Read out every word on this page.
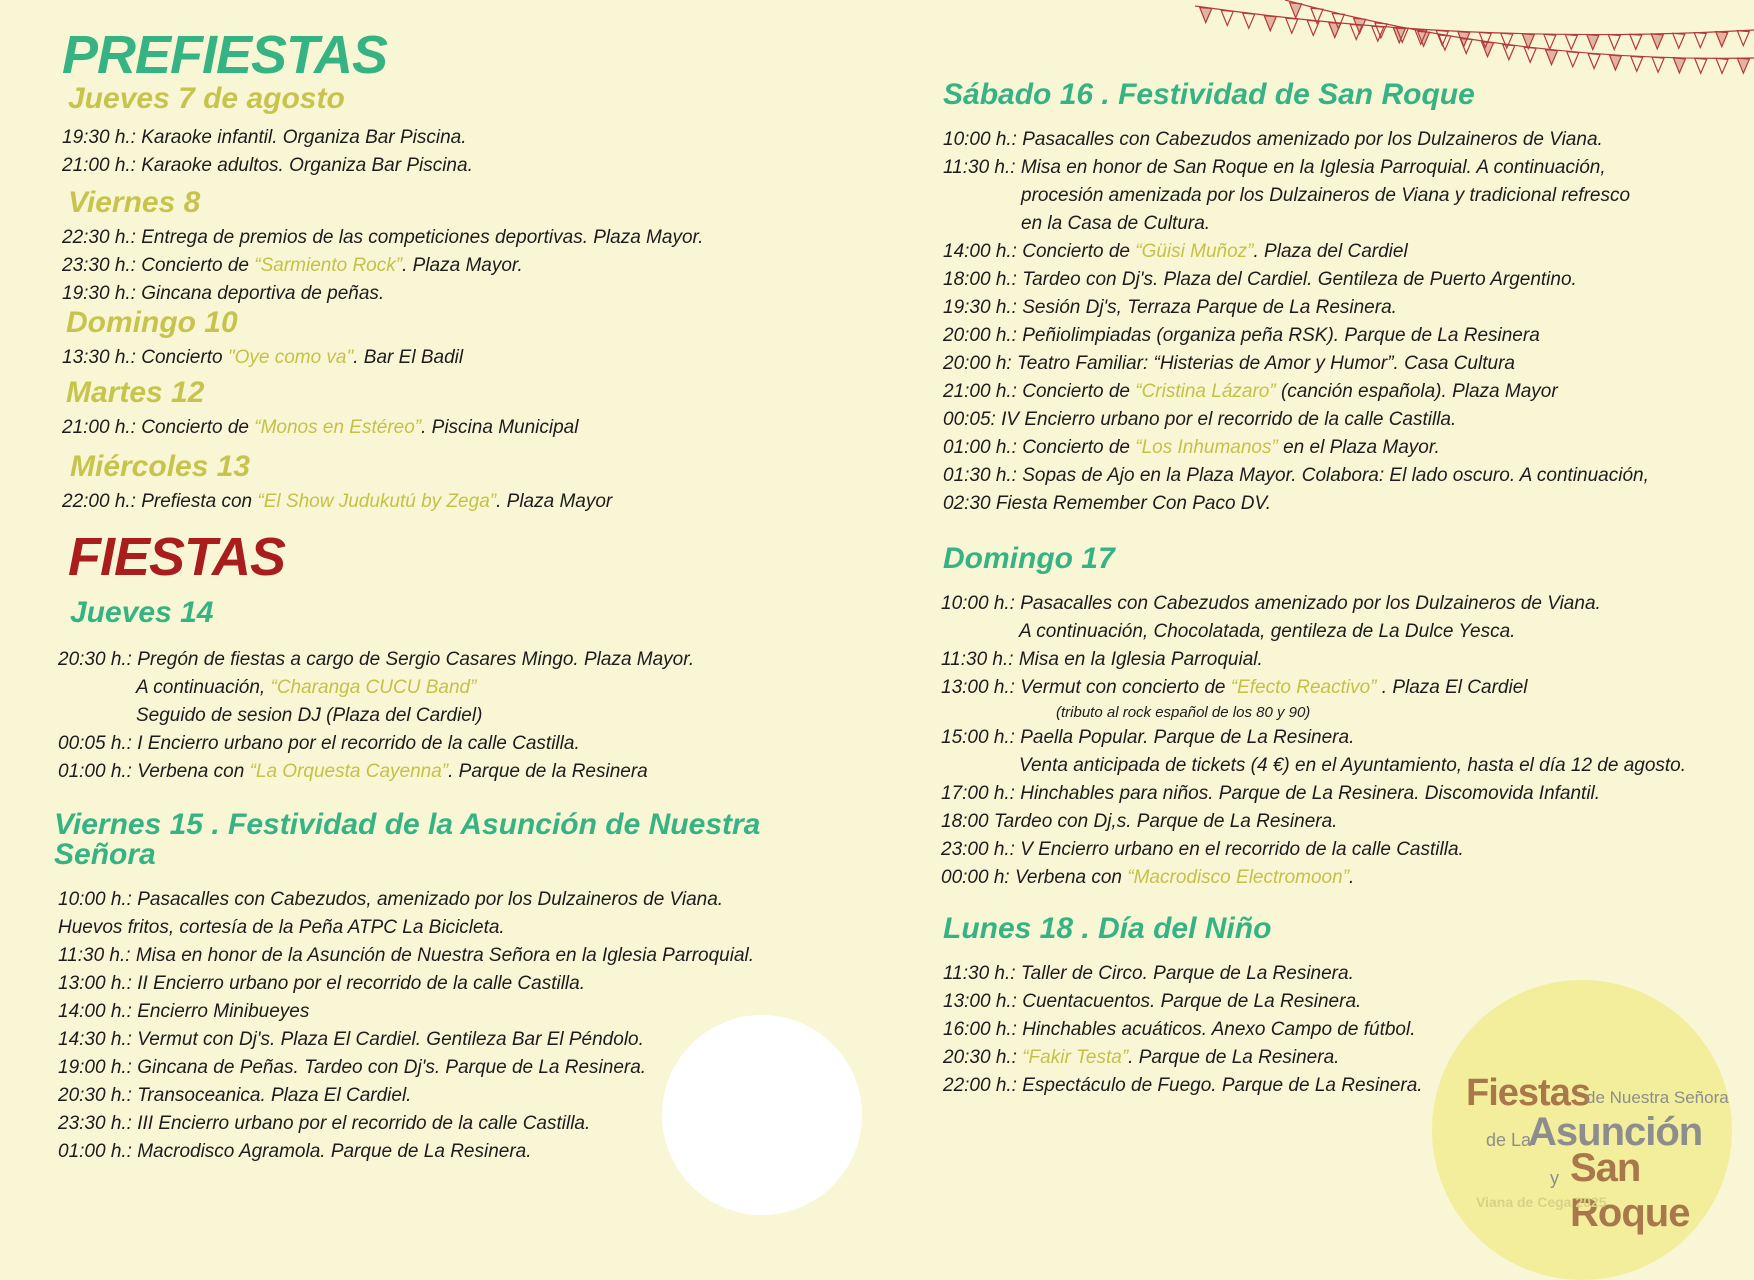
PREFIESTAS
Jueves 7 de agosto

19:30 h.: Karaoke infantil. Organiza Bar Piscina.

21:00 h.: Karaoke adultos. Organiza Bar Piscina.

Viernes 8

22:30 h.: Entrega de premios de las competiciones deportivas. Plaza Mayor.

23:30 h.: Concierto de “Sarmiento Rock”. Plaza Mayor.

19:30 h.: Gincana deportiva de peñas.

Domingo 10

13:30 h.: Concierto "Oye como va". Bar El Badil

Martes 12

21:00 h.: Concierto de “Monos en Estéreo”. Piscina Municipal

Miércoles 13

22:00 h.: Prefiesta con “El Show Judukutú by Zega”. Plaza Mayor

FIESTAS
Jueves 14

20:30 h.: Pregón de fiestas a cargo de Sergio Casares Mingo. Plaza Mayor.

A continuación, “Charanga CUCU Band”

Seguido de sesion DJ (Plaza del Cardiel)

00:05 h.: I Encierro urbano por el recorrido de la calle Castilla.

01:00 h.: Verbena con “La Orquesta Cayenna”. Parque de la Resinera

Viernes 15 . Festividad de la Asunción de Nuestra Señora

10:00 h.: Pasacalles con Cabezudos, amenizado por los Dulzaineros de Viana.

Huevos fritos, cortesía de la Peña ATPC La Bicicleta.

11:30 h.: Misa en honor de la Asunción de Nuestra Señora en la Iglesia Parroquial.

13:00 h.: II Encierro urbano por el recorrido de la calle Castilla.

14:00 h.: Encierro Minibueyes

14:30 h.: Vermut con Dj's. Plaza El Cardiel. Gentileza Bar El Péndolo.

19:00 h.: Gincana de Peñas. Tardeo con Dj's. Parque de La Resinera.

20:30 h.: Transoceanica. Plaza El Cardiel.

23:30 h.: III Encierro urbano por el recorrido de la calle Castilla.

01:00 h.: Macrodisco Agramola. Parque de La Resinera.

Sábado 16 . Festividad de San Roque

10:00 h.: Pasacalles con Cabezudos amenizado por los Dulzaineros de Viana.

11:30 h.: Misa en honor de San Roque en la Iglesia Parroquial. A continuación,

procesión amenizada por los Dulzaineros de Viana y tradicional refresco

en la Casa de Cultura.

14:00 h.: Concierto de “Güisi Muñoz”. Plaza del Cardiel

18:00 h.: Tardeo con Dj's. Plaza del Cardiel. Gentileza de Puerto Argentino.

19:30 h.: Sesión Dj's, Terraza Parque de La Resinera.

20:00 h.: Peñiolimpiadas (organiza peña RSK). Parque de La Resinera

20:00 h: Teatro Familiar: “Histerias de Amor y Humor”. Casa Cultura

21:00 h.: Concierto de “Cristina Lázaro” (canción española). Plaza Mayor

00:05: IV Encierro urbano por el recorrido de la calle Castilla.

01:00 h.: Concierto de “Los Inhumanos” en el Plaza Mayor.

01:30 h.: Sopas de Ajo en la Plaza Mayor. Colabora: El lado oscuro. A continuación,

02:30 Fiesta Remember Con Paco DV.

Domingo 17

10:00 h.: Pasacalles con Cabezudos amenizado por los Dulzaineros de Viana.

A continuación, Chocolatada, gentileza de La Dulce Yesca.

11:30 h.: Misa en la Iglesia Parroquial.

13:00 h.: Vermut con concierto de “Efecto Reactivo” . Plaza El Cardiel

(tributo al rock español de los 80 y 90)

15:00 h.: Paella Popular. Parque de La Resinera.

Venta anticipada de tickets (4 €) en el Ayuntamiento, hasta el día 12 de agosto.

17:00 h.: Hinchables para niños. Parque de La Resinera. Discomovida Infantil.

18:00 Tardeo con Dj,s. Parque de La Resinera.

23:00 h.: V Encierro urbano en el recorrido de la calle Castilla.

00:00 h: Verbena con “Macrodisco Electromoon”.

Lunes 18 . Día del Niño

11:30 h.: Taller de Circo. Parque de La Resinera.

13:00 h.: Cuentacuentos. Parque de La Resinera.

16:00 h.: Hinchables acuáticos. Anexo Campo de fútbol.

20:30 h.: “Fakir Testa”. Parque de La Resinera.

22:00 h.: Espectáculo de Fuego. Parque de La Resinera.	Fiestas
de Nuestra Señora
de La
Asunción
y San Roque
Viana de Cega 2025
